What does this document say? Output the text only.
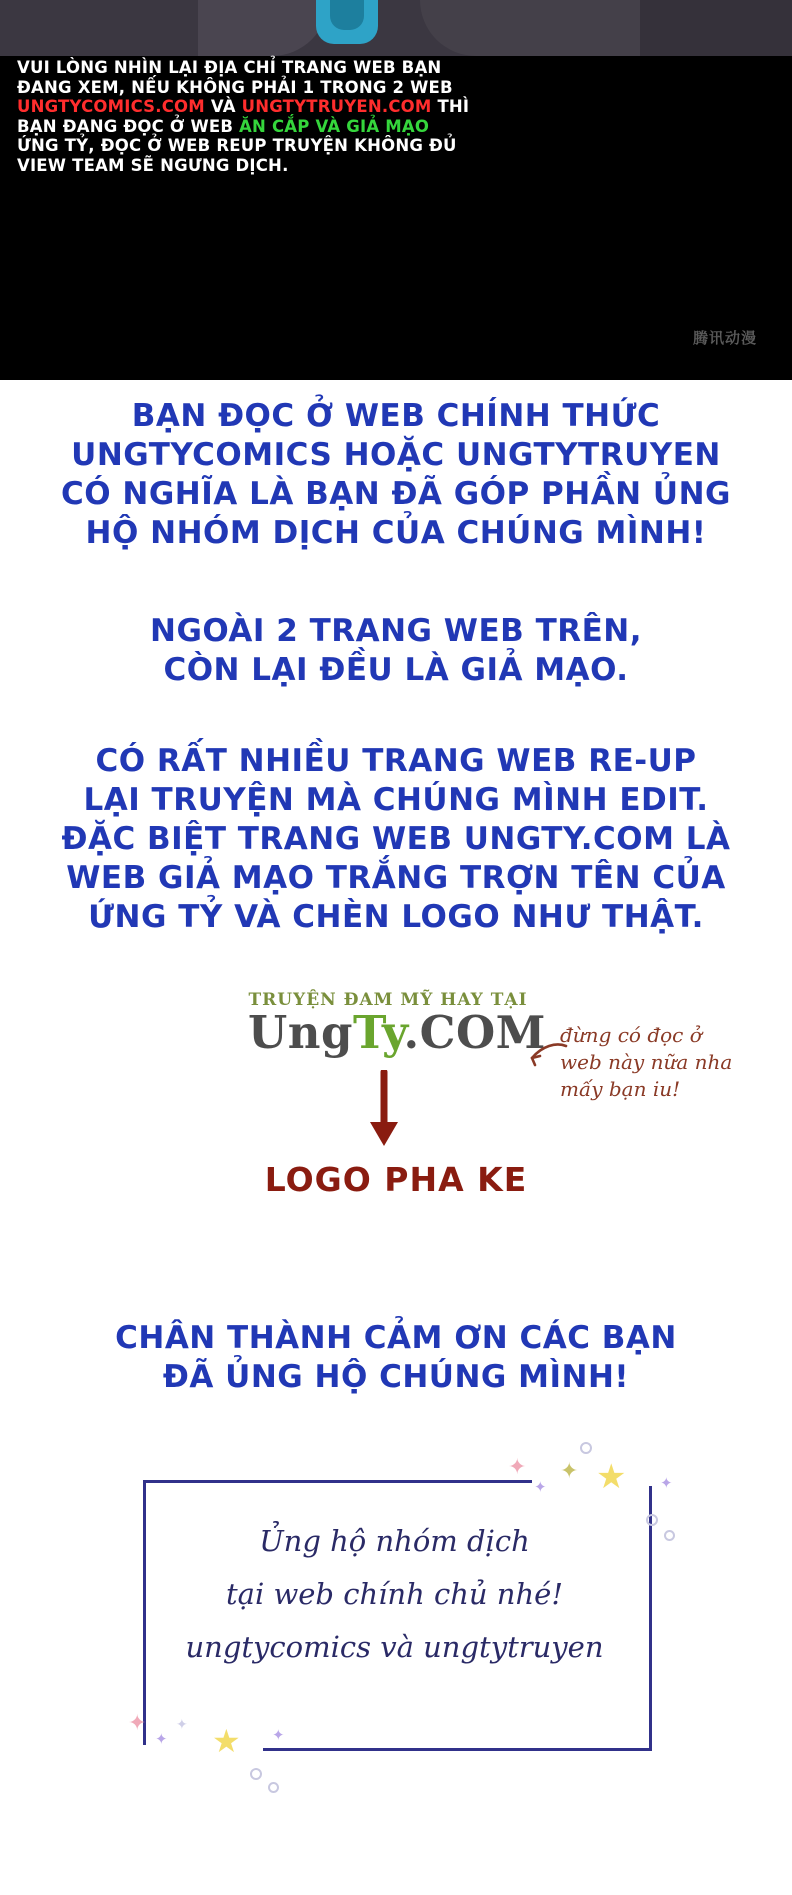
VUI LÒNG NHÌN LẠI ĐỊA CHỈ TRANG WEB BẠN
ĐANG XEM, NẾU KHÔNG PHẢI 1 TRONG 2 WEB
UNGTYCOMICS.COM VÀ UNGTYTRUYEN.COM THÌ
BẠN ĐANG ĐỌC Ở WEB ĂN CẮP VÀ GIẢ MẠO
ỨNG TỶ, ĐỌC Ở WEB REUP TRUYỆN KHÔNG ĐỦ
VIEW TEAM SẼ NGƯNG DỊCH.
腾讯动漫
BẠN ĐỌC Ở WEB CHÍNH THỨC
UNGTYCOMICS HOẶC UNGTYTRUYEN
CÓ NGHĨA LÀ BẠN ĐÃ GÓP PHẦN ỦNG
HỘ NHÓM DỊCH CỦA CHÚNG MÌNH!
NGOÀI 2 TRANG WEB TRÊN,
CÒN LẠI ĐỀU LÀ GIẢ MẠO.
CÓ RẤT NHIỀU TRANG WEB RE-UP
LẠI TRUYỆN MÀ CHÚNG MÌNH EDIT.
ĐẶC BIỆT TRANG WEB UNGTY.COM LÀ
WEB GIẢ MẠO TRẮNG TRỢN TÊN CỦA
ỨNG TỶ VÀ CHÈN LOGO NHƯ THẬT.
TRUYỆN ĐAM MỸ HAY TẠI
UngTy.COM đừng có đọc ở
web này nữa nha
mấy bạn iu!
LOGO PHA KE
CHÂN THÀNH CẢM ƠN CÁC BẠN
ĐÃ ỦNG HỘ CHÚNG MÌNH!
Ủng hộ nhóm dịch
tại web chính chủ nhé!
ungtycomics và ungtytruyen
✦ ✦ ★
✦	✦
✦
✦
✦ ★ ✦
